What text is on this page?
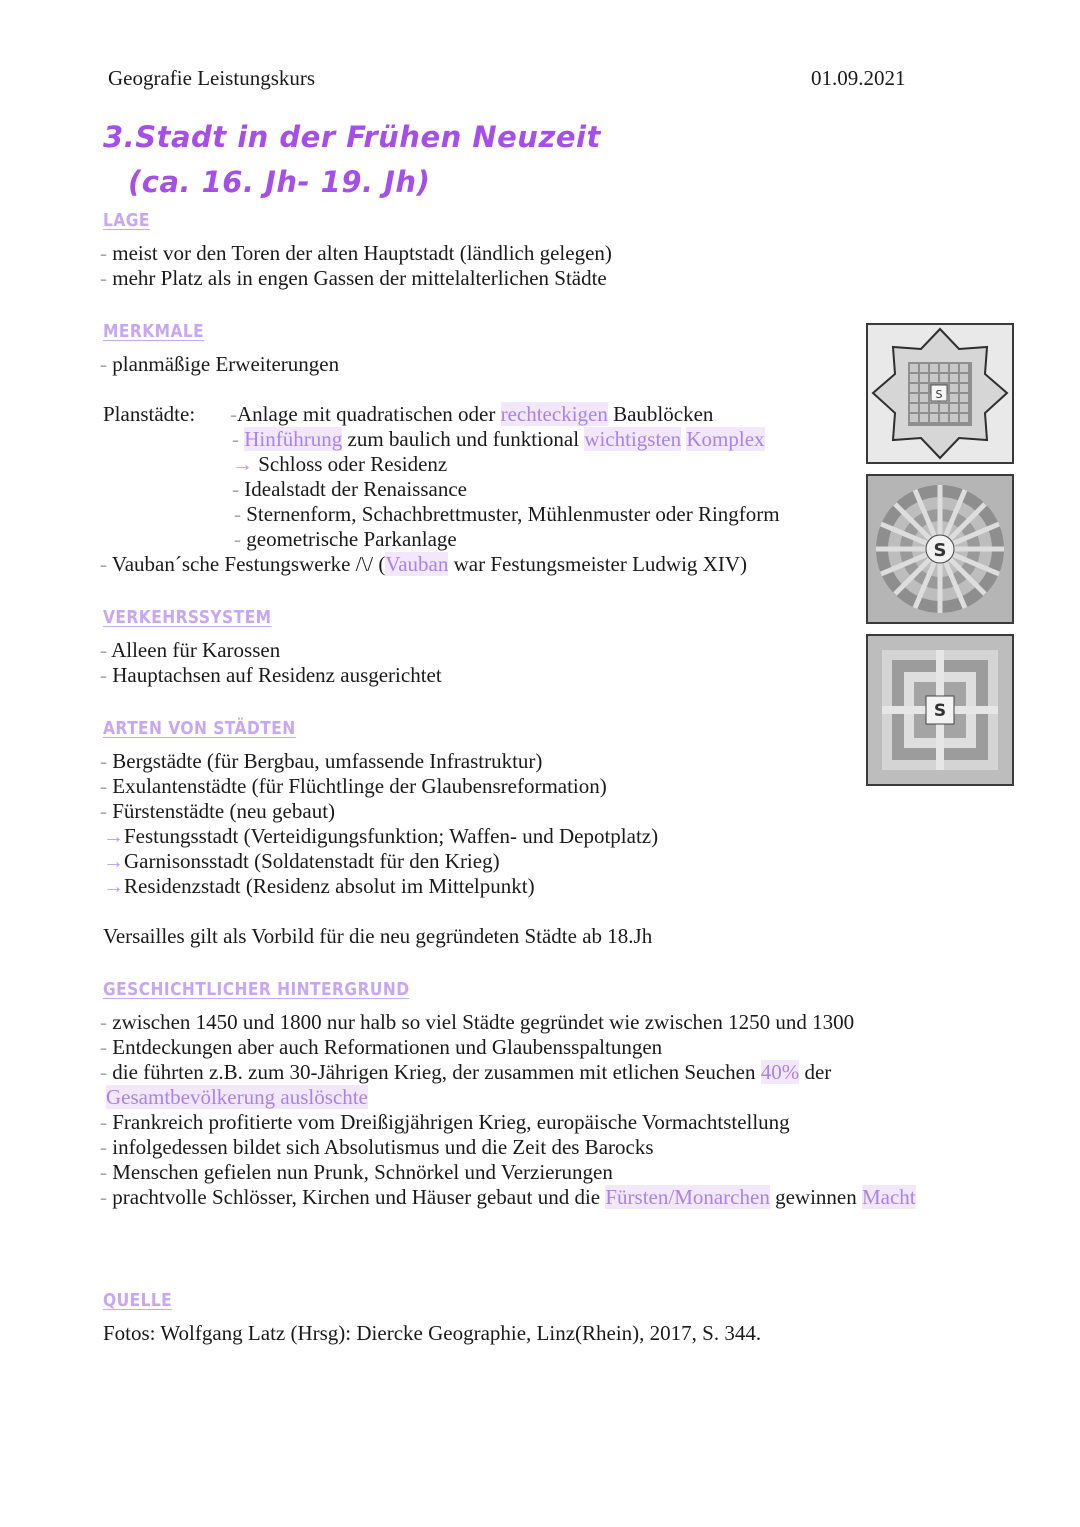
Geografie Leistungskurs	01.09.2021
3.Stadt in der Frühen Neuzeit
(ca. 16. Jh- 19. Jh)
LAGE
- meist vor den Toren der alten Hauptstadt (ländlich gelegen)
- mehr Platz als in engen Gassen der mittelalterlichen Städte
MERKMALE
- planmäßige Erweiterungen
Planstädte: -Anlage mit quadratischen oder rechteckigen Baublöcken
- Hinführung zum baulich und funktional wichtigsten Komplex
→ Schloss oder Residenz
- Idealstadt der Renaissance
- Sternenform, Schachbrettmuster, Mühlenmuster oder Ringform
- geometrische Parkanlage
- Vauban´sche Festungswerke /\/ (Vauban war Festungsmeister Ludwig XIV)
VERKEHRSSYSTEM
- Alleen für Karossen
- Hauptachsen auf Residenz ausgerichtet
ARTEN VON STÄDTEN
- Bergstädte (für Bergbau, umfassende Infrastruktur)
- Exulantenstädte (für Flüchtlinge der Glaubensreformation)
- Fürstenstädte (neu gebaut)
→Festungsstadt (Verteidigungsfunktion; Waffen- und Depotplatz)
→Garnisonsstadt (Soldatenstadt für den Krieg)
→Residenzstadt (Residenz absolut im Mittelpunkt)
Versailles gilt als Vorbild für die neu gegründeten Städte ab 18.Jh
GESCHICHTLICHER HINTERGRUND
- zwischen 1450 und 1800 nur halb so viel Städte gegründet wie zwischen 1250 und 1300
- Entdeckungen aber auch Reformationen und Glaubensspaltungen
- die führten z.B. zum 30-Jährigen Krieg, der zusammen mit etlichen Seuchen 40% der
Gesamtbevölkerung auslöschte
- Frankreich profitierte vom Dreißigjährigen Krieg, europäische Vormachtstellung
- infolgedessen bildet sich Absolutismus und die Zeit des Barocks
- Menschen gefielen nun Prunk, Schnörkel und Verzierungen
- prachtvolle Schlösser, Kirchen und Häuser gebaut und die Fürsten/Monarchen gewinnen Macht
QUELLE
Fotos: Wolfgang Latz (Hrsg): Diercke Geographie, Linz(Rhein), 2017, S. 344.
S
S
S
